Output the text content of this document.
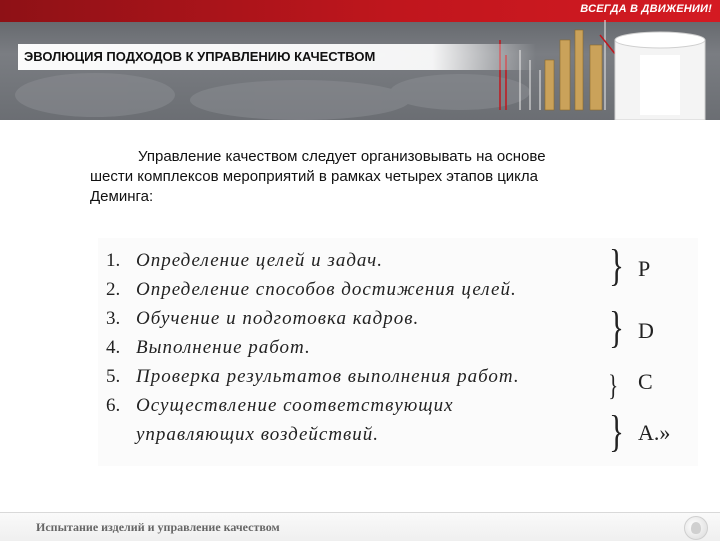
ВСЕГДА В ДВИЖЕНИИ!
ЭВОЛЮЦИЯ ПОДХОДОВ К УПРАВЛЕНИЮ КАЧЕСТВОМ
Управление качеством следует организовывать на основе
шести комплексов мероприятий в рамках четырех этапов цикла
Деминга:
1. Определение целей и задач.
2. Определение способов достижения целей.
3. Обучение и подготовка кадров.
4. Выполнение работ.
5. Проверка результатов выполнения работ.
6. Осуществление соответствующих
управляющих воздействий.
} P
} D
} C
} A.»
Испытание изделий и управление качеством
